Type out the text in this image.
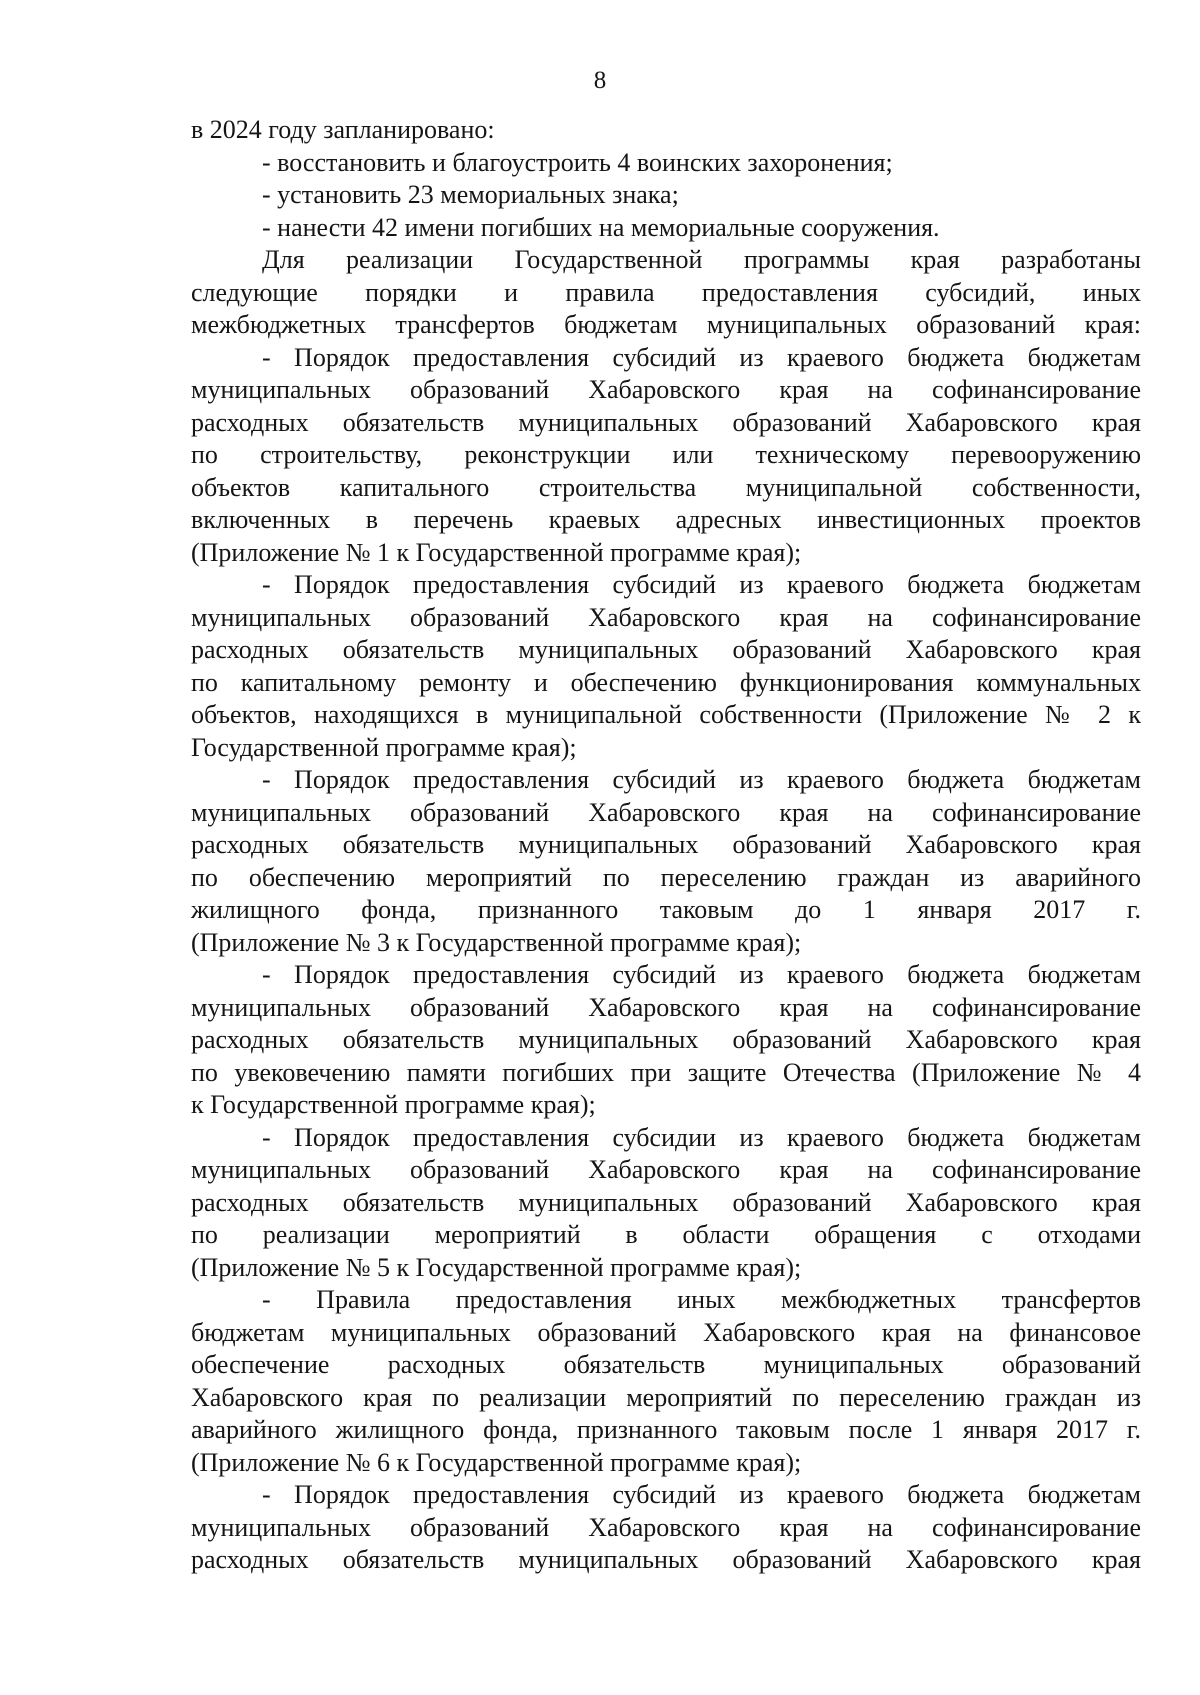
8
в 2024 году запланировано:
- восстановить и благоустроить 4 воинских захоронения;
- установить 23 мемориальных знака;
- нанести 42 имени погибших на мемориальные сооружения.
Для реализации Государственной программы края разработаны
следующие порядки и правила предоставления субсидий, иных
межбюджетных трансфертов бюджетам муниципальных образований края:
- Порядок предоставления субсидий из краевого бюджета бюджетам
муниципальных образований Хабаровского края на софинансирование
расходных обязательств муниципальных образований Хабаровского края
по строительству, реконструкции или техническому перевооружению
объектов капитального строительства муниципальной собственности,
включенных в перечень краевых адресных инвестиционных проектов
(Приложение № 1 к Государственной программе края);
- Порядок предоставления субсидий из краевого бюджета бюджетам
муниципальных образований Хабаровского края на софинансирование
расходных обязательств муниципальных образований Хабаровского края
по капитальному ремонту и обеспечению функционирования коммунальных
объектов, находящихся в муниципальной собственности (Приложение № 2 к
Государственной программе края);
- Порядок предоставления субсидий из краевого бюджета бюджетам
муниципальных образований Хабаровского края на софинансирование
расходных обязательств муниципальных образований Хабаровского края
по обеспечению мероприятий по переселению граждан из аварийного
жилищного фонда, признанного таковым до 1 января 2017 г.
(Приложение № 3 к Государственной программе края);
- Порядок предоставления субсидий из краевого бюджета бюджетам
муниципальных образований Хабаровского края на софинансирование
расходных обязательств муниципальных образований Хабаровского края
по увековечению памяти погибших при защите Отечества (Приложение № 4
к Государственной программе края);
- Порядок предоставления субсидии из краевого бюджета бюджетам
муниципальных образований Хабаровского края на софинансирование
расходных обязательств муниципальных образований Хабаровского края
по реализации мероприятий в области обращения с отходами
(Приложение № 5 к Государственной программе края);
- Правила предоставления иных межбюджетных трансфертов
бюджетам муниципальных образований Хабаровского края на финансовое
обеспечение расходных обязательств муниципальных образований
Хабаровского края по реализации мероприятий по переселению граждан из
аварийного жилищного фонда, признанного таковым после 1 января 2017 г.
(Приложение № 6 к Государственной программе края);
- Порядок предоставления субсидий из краевого бюджета бюджетам
муниципальных образований Хабаровского края на софинансирование
расходных обязательств муниципальных образований Хабаровского края
